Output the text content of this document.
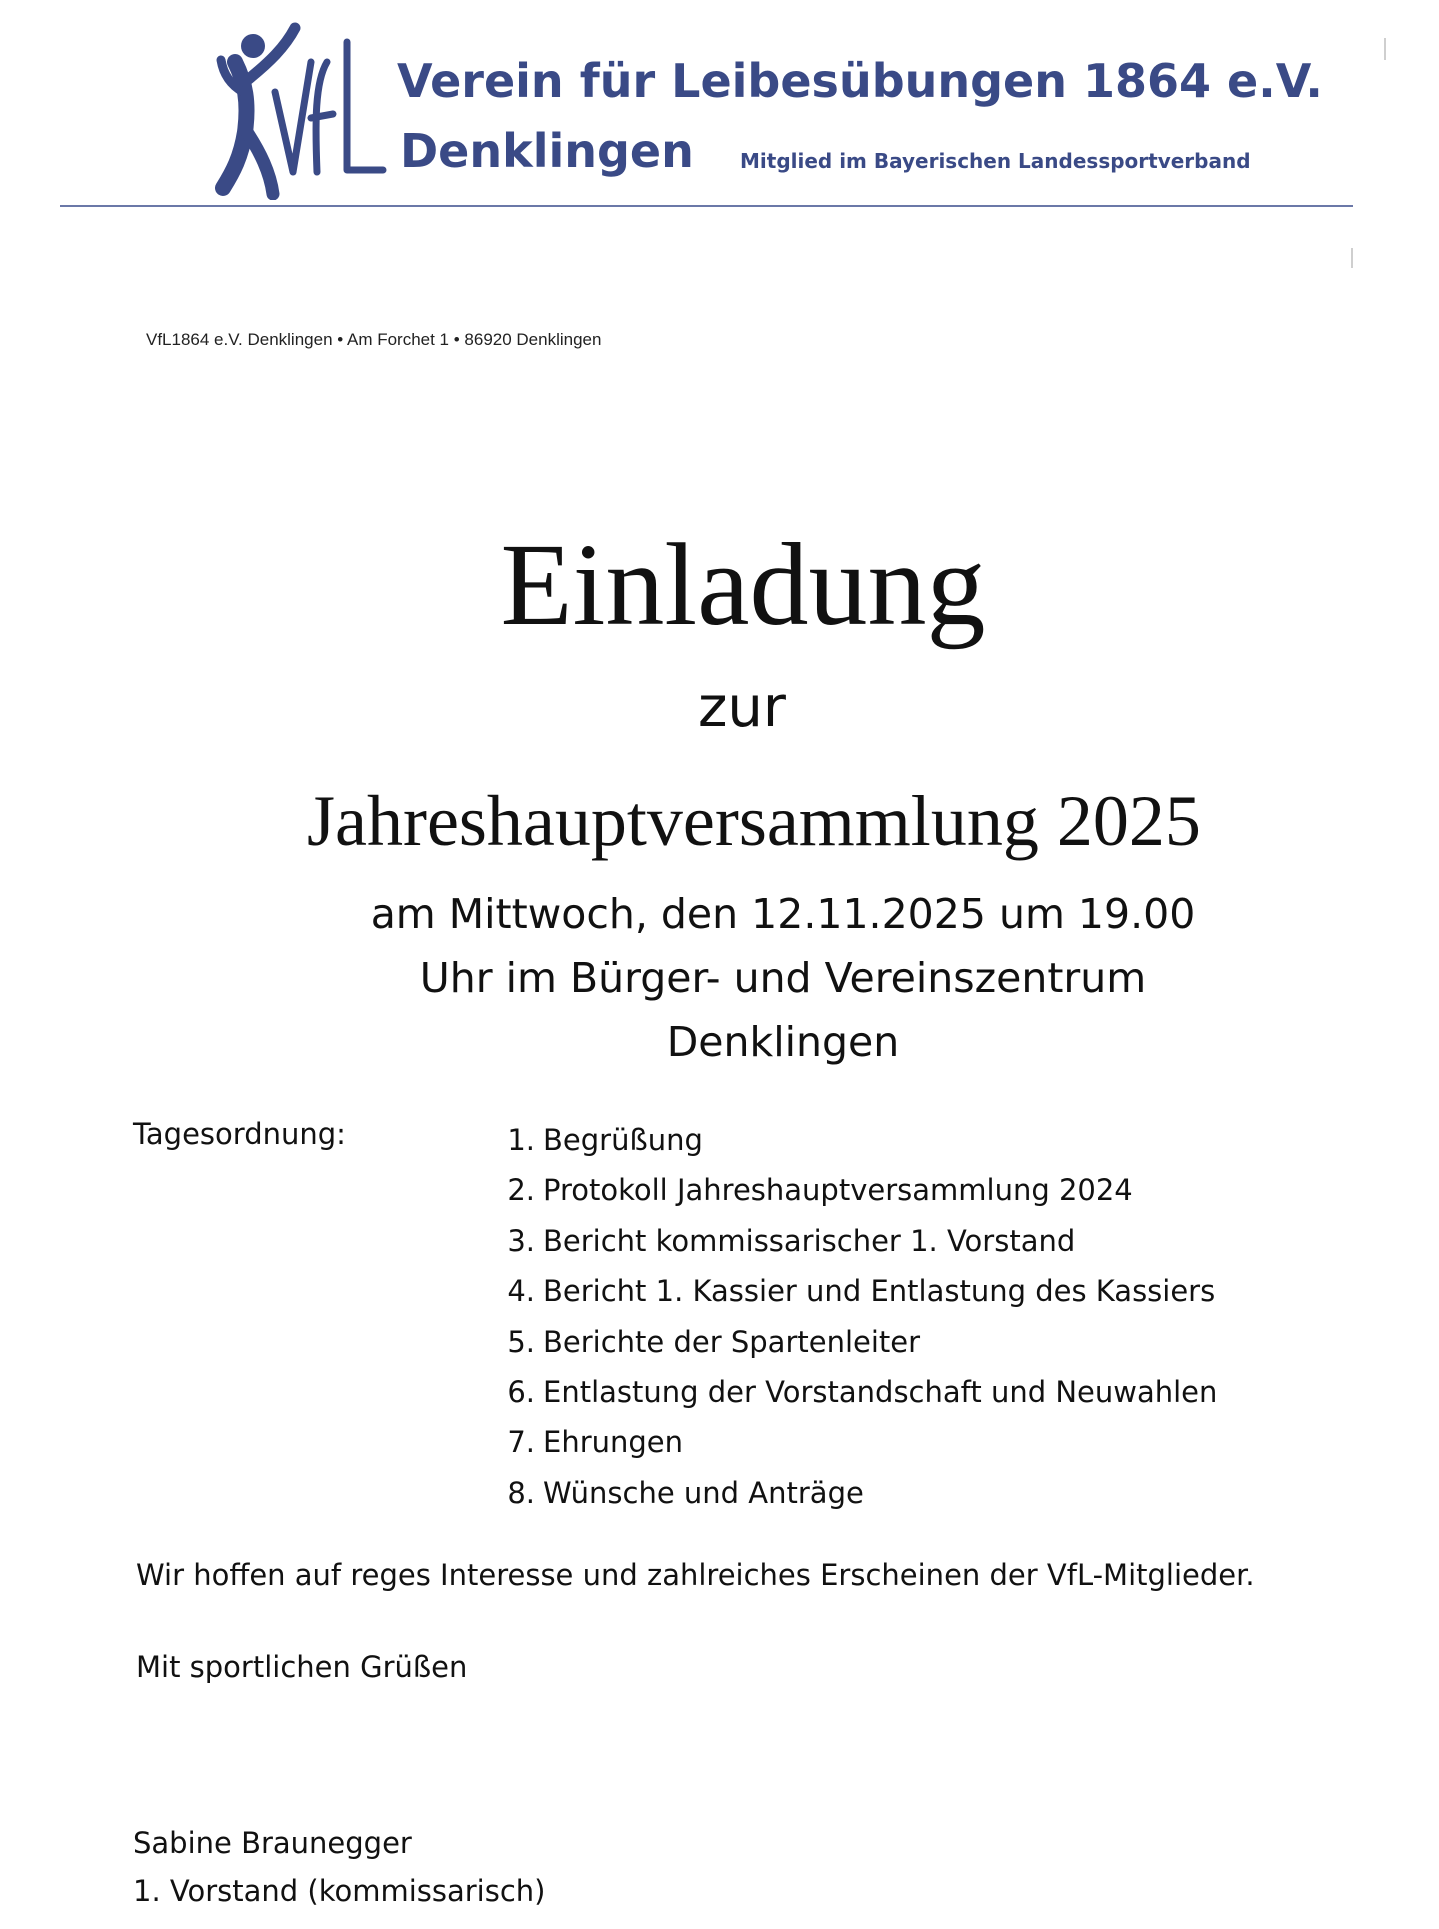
Verein für Leibesübungen 1864 e.V.
Denklingen Mitglied im Bayerischen Landessportverband
VfL1864 e.V. Denklingen • Am Forchet 1 • 86920 Denklingen
Einladung
zur
Jahreshauptversammlung 2025
am Mittwoch, den 12.11.2025 um 19.00
Uhr im Bürger- und Vereinszentrum
Denklingen
Tagesordnung:	1. Begrüßung
2. Protokoll Jahreshauptversammlung 2024
3. Bericht kommissarischer 1. Vorstand
4. Bericht 1. Kassier und Entlastung des Kassiers
5. Berichte der Spartenleiter
6. Entlastung der Vorstandschaft und Neuwahlen
7. Ehrungen
8. Wünsche und Anträge
Wir hoffen auf reges Interesse und zahlreiches Erscheinen der VfL-Mitglieder.
Mit sportlichen Grüßen
Sabine Braunegger
1. Vorstand (kommissarisch)
